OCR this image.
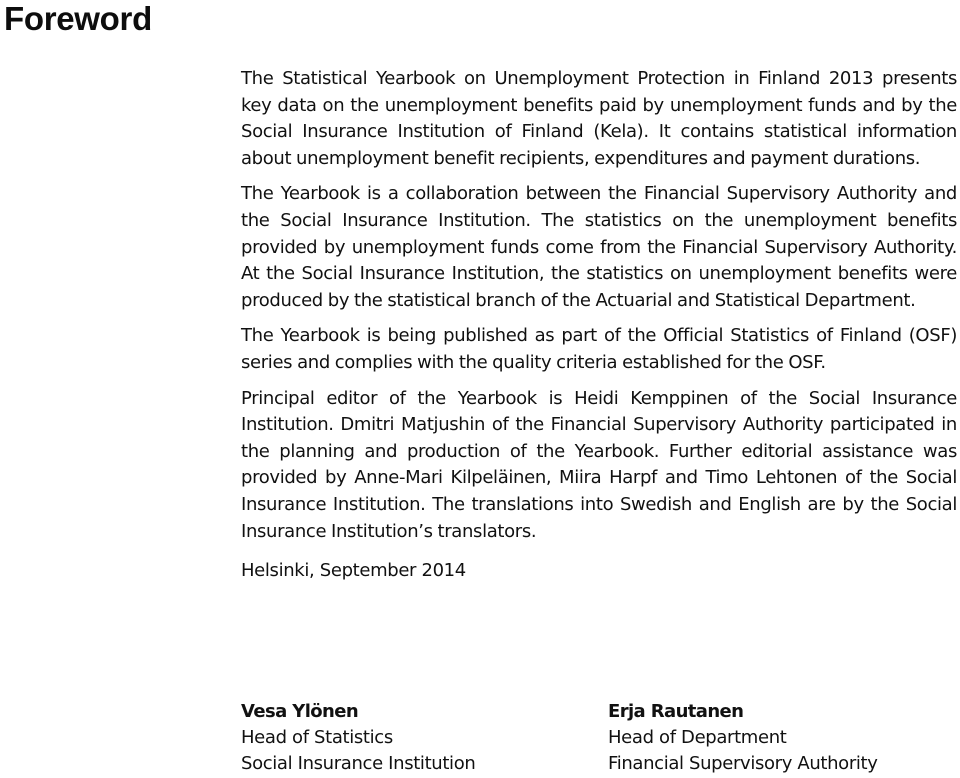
Foreword

The Statistical Yearbook on Unemployment Protection in Finland 2013 presents key data on the unemployment benefits paid by unemployment funds and by the Social Insurance Institution of Finland (Kela). It contains statistical information about unemployment benefit recipients, expenditures and payment durations.

The Yearbook is a collaboration between the Financial Supervisory Authority and the Social Insurance Institution. The statistics on the unemployment benefits provided by unemployment funds come from the Financial Supervisory Authority. At the Social Insurance Institution, the statistics on unemployment benefits were produced by the statistical branch of the Actuarial and Statistical Department.

The Yearbook is being published as part of the Official Statistics of Finland (OSF) series and complies with the quality criteria established for the OSF.

Principal editor of the Yearbook is Heidi Kemppinen of the Social Insurance Institution. Dmitri Matjushin of the Financial Supervisory Authority participated in the planning and production of the Yearbook. Further editorial assistance was provided by Anne-Mari Kilpeläinen, Miira Harpf and Timo Lehtonen of the Social Insurance Institution. The translations into Swedish and English are by the Social Insurance Institution’s translators.

Helsinki, September 2014

Vesa Ylönen
Head of Statistics
Social Insurance Institution
Erja Rautanen
Head of Department
Financial Supervisory Authority
